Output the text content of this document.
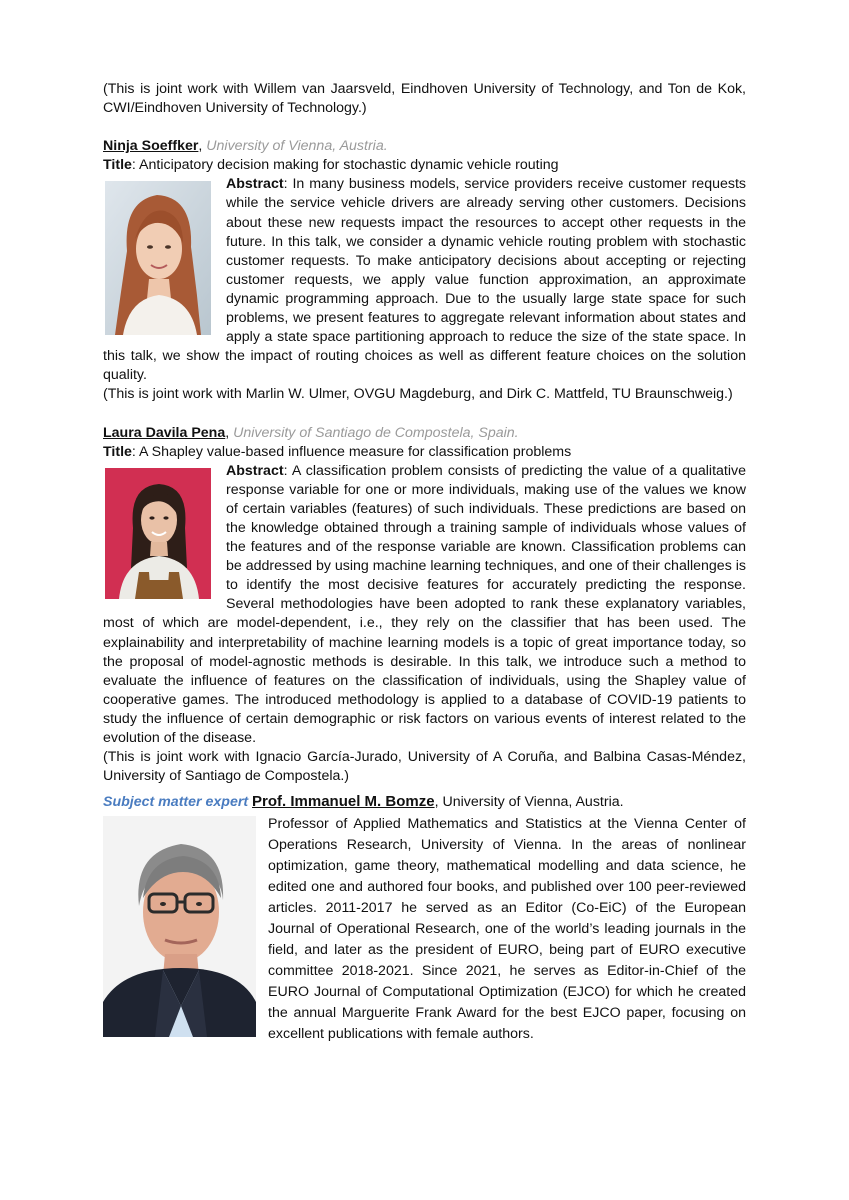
(This is joint work with Willem van Jaarsveld, Eindhoven University of Technology, and Ton de Kok, CWI/Eindhoven University of Technology.)

Ninja Soeffker, University of Vienna, Austria.

Title: Anticipatory decision making for stochastic dynamic vehicle routing

Abstract: In many business models, service providers receive customer requests while the service vehicle drivers are already serving other customers. Decisions about these new requests impact the resources to accept other requests in the future. In this talk, we consider a dynamic vehicle routing problem with stochastic customer requests. To make anticipatory decisions about accepting or rejecting customer requests, we apply value function approximation, an approximate dynamic programming approach. Due to the usually large state space for such problems, we present features to aggregate relevant information about states and apply a state space partitioning approach to reduce the size of the state space. In this talk, we show the impact of routing choices as well as different feature choices on the solution quality.

(This is joint work with Marlin W. Ulmer, OVGU Magdeburg, and Dirk C. Mattfeld, TU Braunschweig.)

Laura Davila Pena, University of Santiago de Compostela, Spain.

Title: A Shapley value-based influence measure for classification problems

Abstract: A classification problem consists of predicting the value of a qualitative response variable for one or more individuals, making use of the values we know of certain variables (features) of such individuals. These predictions are based on the knowledge obtained through a training sample of individuals whose values of the features and of the response variable are known. Classification problems can be addressed by using machine learning techniques, and one of their challenges is to identify the most decisive features for accurately predicting the response. Several methodologies have been adopted to rank these explanatory variables, most of which are model-dependent, i.e., they rely on the classifier that has been used. The explainability and interpretability of machine learning models is a topic of great importance today, so the proposal of model-agnostic methods is desirable. In this talk, we introduce such a method to evaluate the influence of features on the classification of individuals, using the Shapley value of cooperative games. The introduced methodology is applied to a database of COVID-19 patients to study the influence of certain demographic or risk factors on various events of interest related to the evolution of the disease.

(This is joint work with Ignacio García-Jurado, University of A Coruña, and Balbina Casas-Méndez, University of Santiago de Compostela.)

Subject matter expert Prof. Immanuel M. Bomze, University of Vienna, Austria.

Professor of Applied Mathematics and Statistics at the Vienna Center of Operations Research, University of Vienna. In the areas of nonlinear optimization, game theory, mathematical modelling and data science, he edited one and authored four books, and published over 100 peer-reviewed articles. 2011-2017 he served as an Editor (Co-EiC) of the European Journal of Operational Research, one of the world’s leading journals in the field, and later as the president of EURO, being part of EURO executive committee 2018-2021. Since 2021, he serves as Editor-in-Chief of the EURO Journal of Computational Optimization (EJCO) for which he created the annual Marguerite Frank Award for the best EJCO paper, focusing on excellent publications with female authors.
